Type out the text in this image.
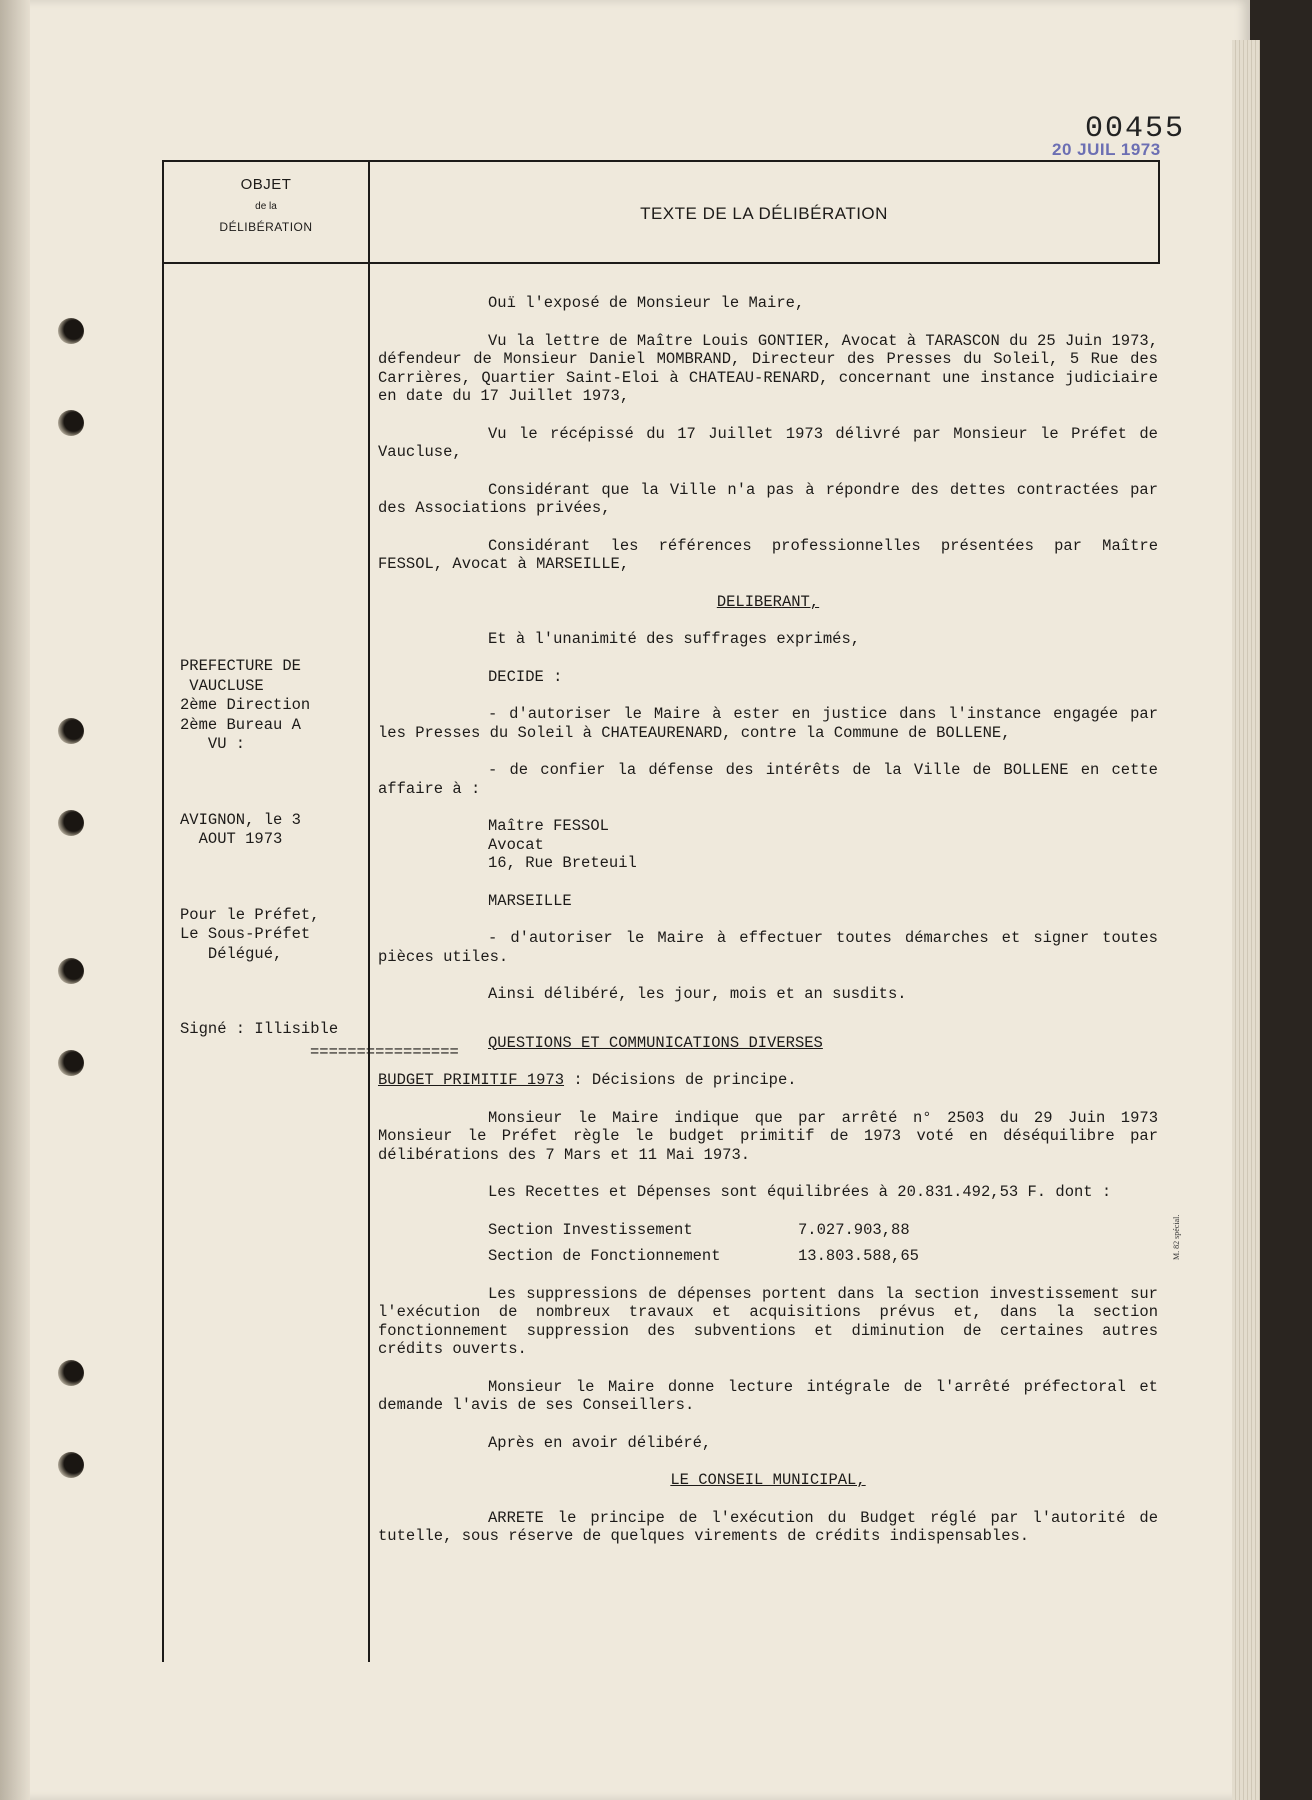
00455
20 JUIL 1973
OBJET
de la
DÉLIBÉRATION
TEXTE DE LA DÉLIBÉRATION

PREFECTURE DE
VAUCLUSE
2ème Direction
2ème Bureau A
VU :

AVIGNON, le 3
AOUT 1973

Pour le Préfet,
Le Sous-Préfet
Délégué,

Signé : Illisible

================

Ouï l'exposé de Monsieur le Maire,

Vu la lettre de Maître Louis GONTIER, Avocat à TARASCON du 25 Juin 1973, défendeur de Monsieur Daniel MOMBRAND, Directeur des Presses du Soleil, 5 Rue des Carrières, Quartier Saint-Eloi à CHATEAU-RENARD, concernant une instance judiciaire en date du 17 Juillet 1973,

Vu le récépissé du 17 Juillet 1973 délivré par Monsieur le Préfet de Vaucluse,

Considérant que la Ville n'a pas à répondre des dettes contractées par des Associations privées,

Considérant les références professionnelles présentées par Maître FESSOL, Avocat à MARSEILLE,

DELIBERANT,

Et à l'unanimité des suffrages exprimés,

DECIDE :

- d'autoriser le Maire à ester en justice dans l'instance engagée par les Presses du Soleil à CHATEAURENARD, contre la Commune de BOLLENE,

- de confier la défense des intérêts de la Ville de BOLLENE en cette affaire à :

Maître FESSOL
Avocat
16, Rue Breteuil

MARSEILLE

- d'autoriser le Maire à effectuer toutes démarches et signer toutes pièces utiles.

Ainsi délibéré, les jour, mois et an susdits.

QUESTIONS ET COMMUNICATIONS DIVERSES

BUDGET PRIMITIF 1973 : Décisions de principe.

Monsieur le Maire indique que par arrêté n° 2503 du 29 Juin 1973 Monsieur le Préfet règle le budget primitif de 1973 voté en déséquilibre par délibérations des 7 Mars et 11 Mai 1973.

Les Recettes et Dépenses sont équilibrées à 20.831.492,53 F. dont :

Section Investissement	7.027.903,88
Section de Fonctionnement	13.803.588,65

Les suppressions de dépenses portent dans la section investissement sur l'exécution de nombreux travaux et acquisitions prévus et, dans la section fonctionnement suppression des subventions et diminution de certaines autres crédits ouverts.

Monsieur le Maire donne lecture intégrale de l'arrêté préfectoral et demande l'avis de ses Conseillers.

Après en avoir délibéré,

LE CONSEIL MUNICIPAL,

ARRETE le principe de l'exécution du Budget réglé par l'autorité de tutelle, sous réserve de quelques virements de crédits indispensables.

M. 82 spécial.
